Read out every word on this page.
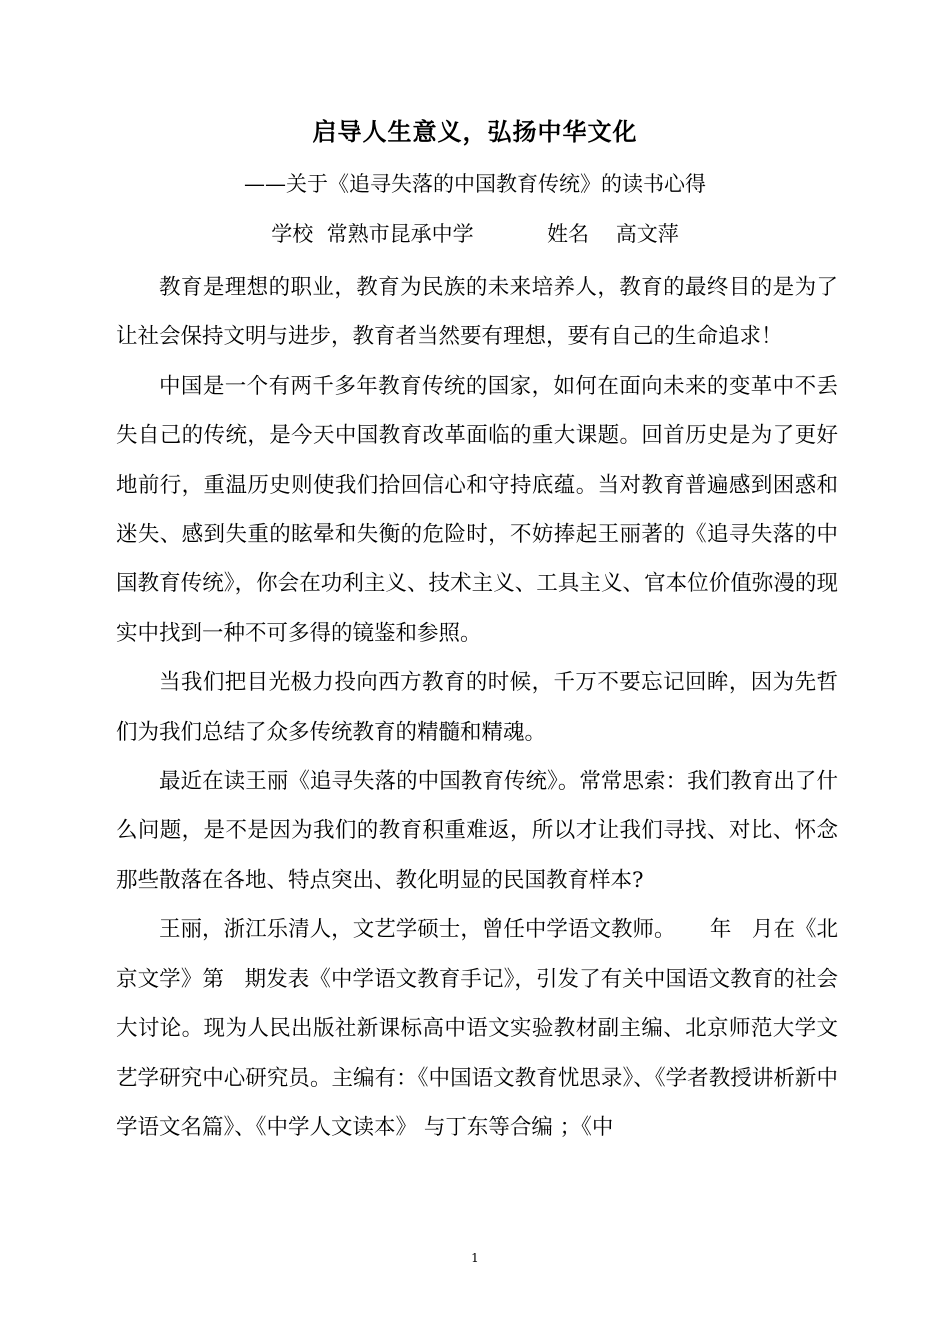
启导人生意义，弘扬中华文化
——关于《追寻失落的中国教育传统》的读书心得
学校  常熟市昆承中学           姓名    高文萍

教育是理想的职业，教育为民族的未来培养人，教育的最终目的是为了让社会保持文明与进步，教育者当然要有理想，要有自己的生命追求！

中国是一个有两千多年教育传统的国家，如何在面向未来的变革中不丢失自己的传统，是今天中国教育改革面临的重大课题。回首历史是为了更好地前行，重温历史则使我们拾回信心和守持底蕴。当对教育普遍感到困惑和迷失、感到失重的眩晕和失衡的危险时，不妨捧起王丽著的《追寻失落的中国教育传统》，你会在功利主义、技术主义、工具主义、官本位价值弥漫的现实中找到一种不可多得的镜鉴和参照。

当我们把目光极力投向西方教育的时候，千万不要忘记回眸，因为先哲们为我们总结了众多传统教育的精髓和精魂。

最近在读王丽《追寻失落的中国教育传统》。常常思索：我们教育出了什么问题，是不是因为我们的教育积重难返，所以才让我们寻找、对比、怀念那些散落在各地、特点突出、教化明显的民国教育样本?

王丽，浙江乐清人，文艺学硕士，曾任中学语文教师。     年   月在《北京文学》第   期发表《中学语文教育手记》，引发了有关中国语文教育的社会大讨论。现为人民出版社新课标高中语文实验教材副主编、北京师范大学文艺学研究中心研究员。主编有：《中国语文教育忧思录》、《学者教授讲析新中学语文名篇》、《中学人文读本》 与丁东等合编 ；《中

1
